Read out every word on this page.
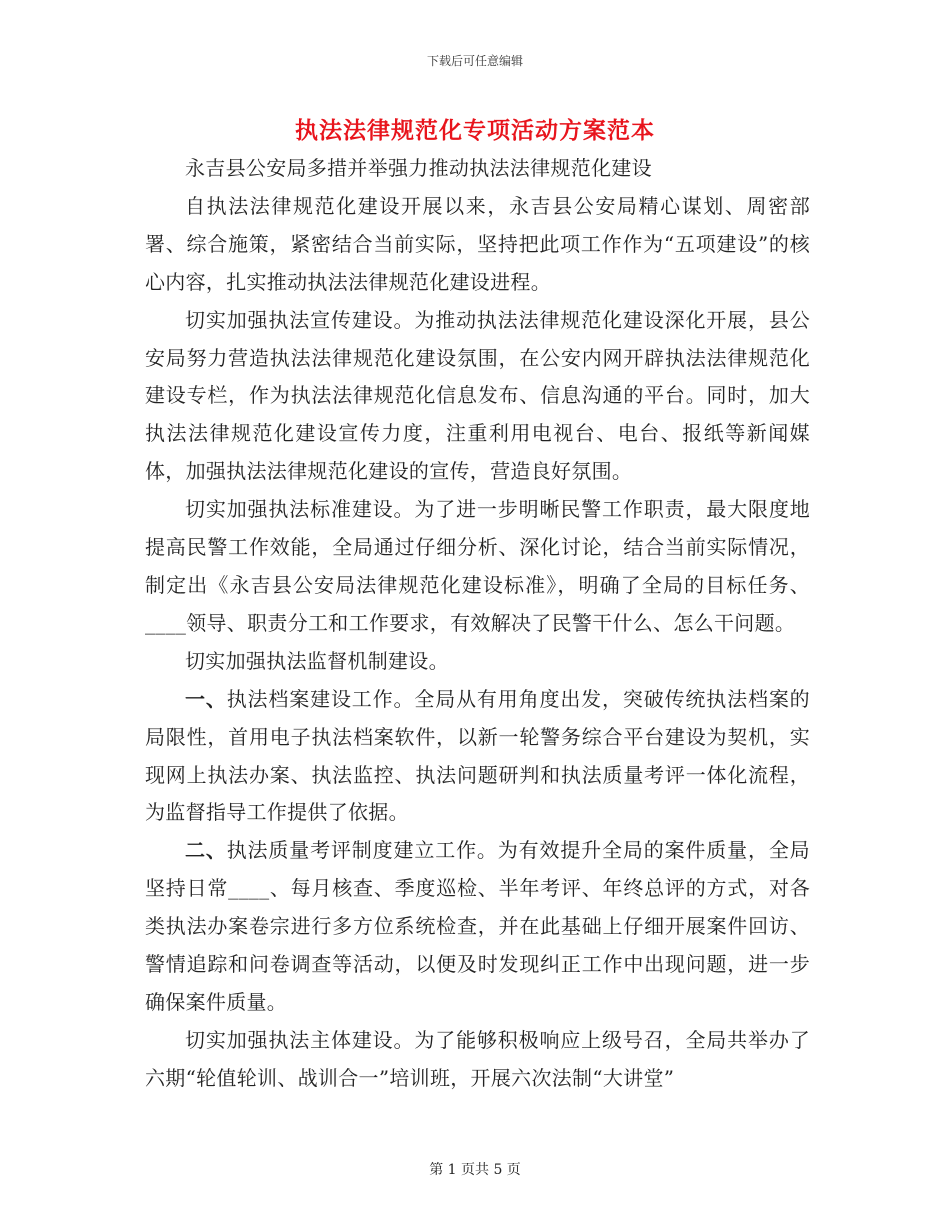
下载后可任意编辑
执法法律规范化专项活动方案范本

永吉县公安局多措并举强力推动执法法律规范化建设

自执法法律规范化建设开展以来，永吉县公安局精心谋划、周密部署、综合施策，紧密结合当前实际，坚持把此项工作作为“五项建设”的核心内容，扎实推动执法法律规范化建设进程。

切实加强执法宣传建设。为推动执法法律规范化建设深化开展，县公安局努力营造执法法律规范化建设氛围，在公安内网开辟执法法律规范化建设专栏，作为执法法律规范化信息发布、信息沟通的平台。同时，加大执法法律规范化建设宣传力度，注重利用电视台、电台、报纸等新闻媒体，加强执法法律规范化建设的宣传，营造良好氛围。

切实加强执法标准建设。为了进一步明晰民警工作职责，最大限度地提高民警工作效能，全局通过仔细分析、深化讨论，结合当前实际情况，制定出《永吉县公安局法律规范化建设标准》，明确了全局的目标任务、____领导、职责分工和工作要求，有效解决了民警干什么、怎么干问题。

切实加强执法监督机制建设。

一、执法档案建设工作。全局从有用角度出发，突破传统执法档案的局限性，首用电子执法档案软件，以新一轮警务综合平台建设为契机，实现网上执法办案、执法监控、执法问题研判和执法质量考评一体化流程，为监督指导工作提供了依据。

二、执法质量考评制度建立工作。为有效提升全局的案件质量，全局坚持日常____、每月核查、季度巡检、半年考评、年终总评的方式，对各类执法办案卷宗进行多方位系统检查，并在此基础上仔细开展案件回访、警情追踪和问卷调查等活动，以便及时发现纠正工作中出现问题，进一步确保案件质量。

切实加强执法主体建设。为了能够积极响应上级号召，全局共举办了六期“轮值轮训、战训合一”培训班，开展六次法制“大讲堂”

第 1 页共 5 页
